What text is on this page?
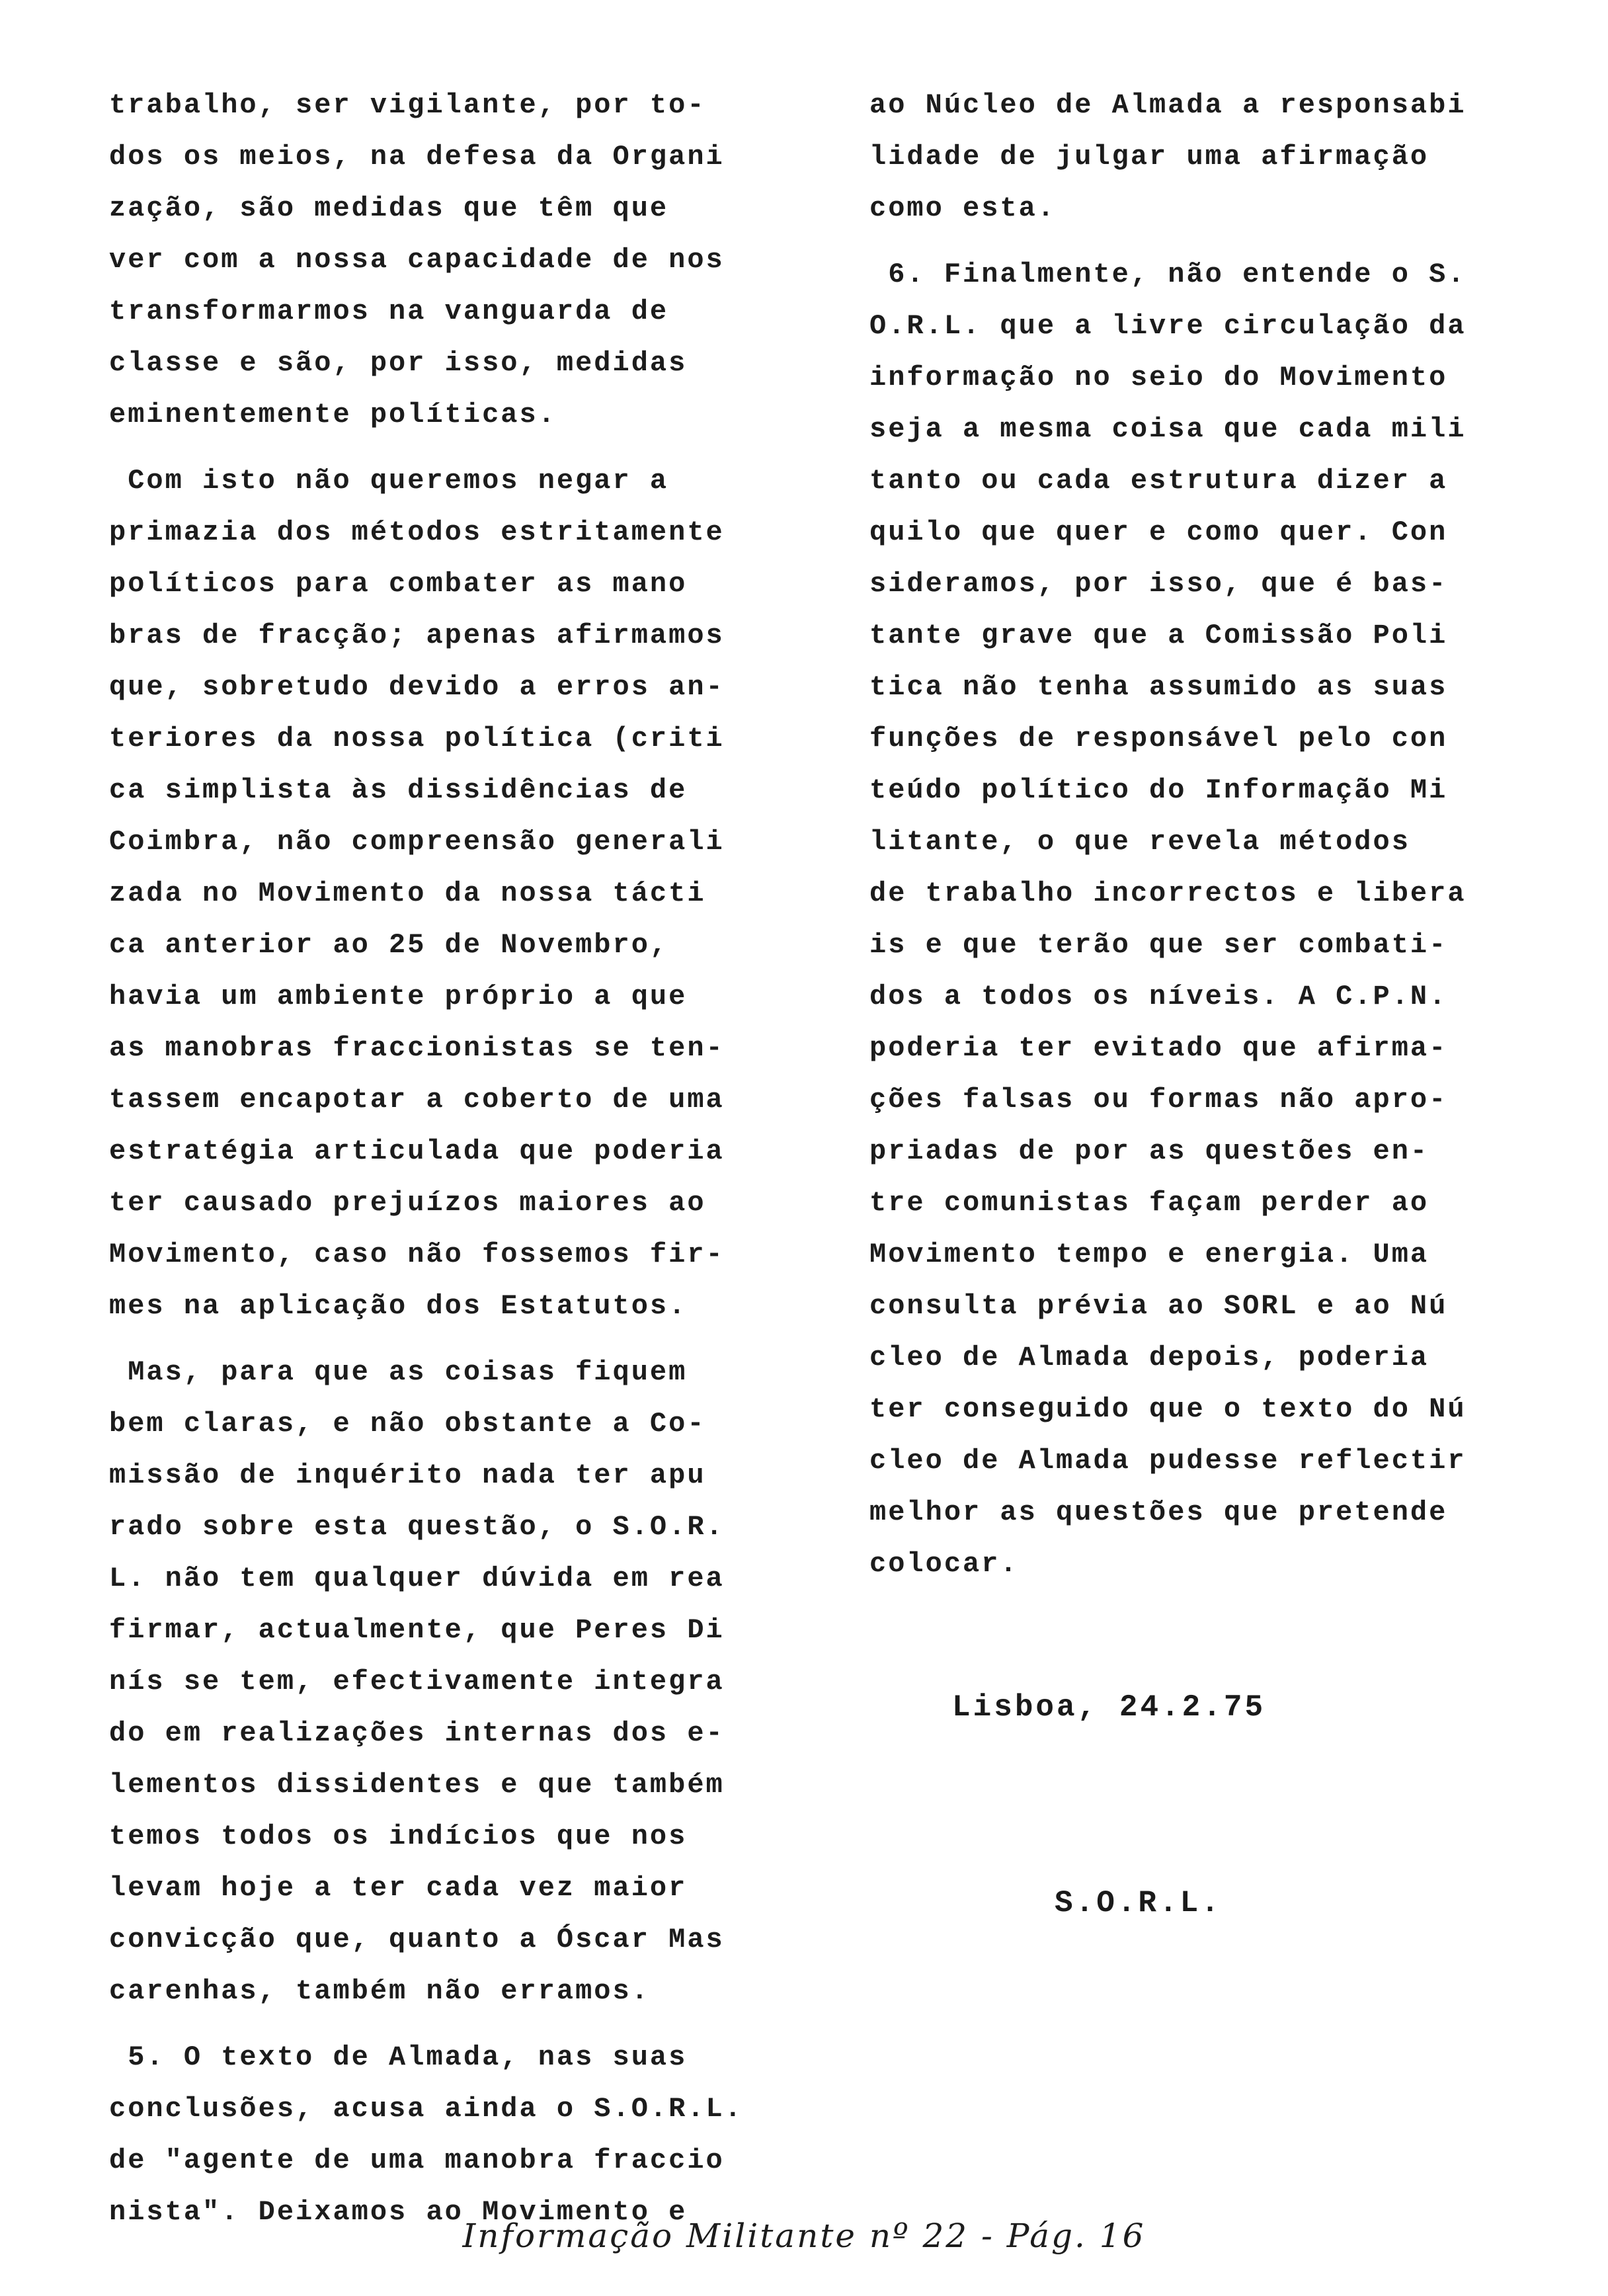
trabalho, ser vigilante, por to-
dos os meios, na defesa da Organi
zação, são medidas que têm que
ver com a nossa capacidade de nos
transformarmos na vanguarda de
classe e são, por isso, medidas
eminentemente políticas.
Com isto não queremos negar a
primazia dos métodos estritamente
políticos para combater as mano
bras de fracção; apenas afirmamos
que, sobretudo devido a erros an-
teriores da nossa política (criti
ca simplista às dissidências de
Coimbra, não compreensão generali
zada no Movimento da nossa tácti
ca anterior ao 25 de Novembro,
havia um ambiente próprio a que
as manobras fraccionistas se ten-
tassem encapotar a coberto de uma
estratégia articulada que poderia
ter causado prejuízos maiores ao
Movimento, caso não fossemos fir-
mes na aplicação dos Estatutos.
Mas, para que as coisas fiquem
bem claras, e não obstante a Co-
missão de inquérito nada ter apu
rado sobre esta questão, o S.O.R.
L. não tem qualquer dúvida em rea
firmar, actualmente, que Peres Di
nís se tem, efectivamente integra
do em realizações internas dos e-
lementos dissidentes e que também
temos todos os indícios que nos
levam hoje a ter cada vez maior
convicção que, quanto a Óscar Mas
carenhas, também não erramos.
5. O texto de Almada, nas suas
conclusões, acusa ainda o S.O.R.L.
de "agente de uma manobra fraccio
nista". Deixamos ao Movimento e
ao Núcleo de Almada a responsabi
lidade de julgar uma afirmação
como esta.
6. Finalmente, não entende o S.
O.R.L. que a livre circulação da
informação no seio do Movimento
seja a mesma coisa que cada mili
tanto ou cada estrutura dizer a
quilo que quer e como quer. Con
sideramos, por isso, que é bas-
tante grave que a Comissão Poli
tica não tenha assumido as suas
funções de responsável pelo con
teúdo político do Informação Mi
litante, o que revela métodos
de trabalho incorrectos e libera
is e que terão que ser combati-
dos a todos os níveis. A C.P.N.
poderia ter evitado que afirma-
ções falsas ou formas não apro-
priadas de por as questões en-
tre comunistas façam perder ao
Movimento tempo e energia. Uma
consulta prévia ao SORL e ao Nú
cleo de Almada depois, poderia
ter conseguido que o texto do Nú
cleo de Almada pudesse reflectir
melhor as questões que pretende
colocar.
Lisboa, 24.2.75
S.O.R.L.
Informação Militante nº 22 - Pág. 16
